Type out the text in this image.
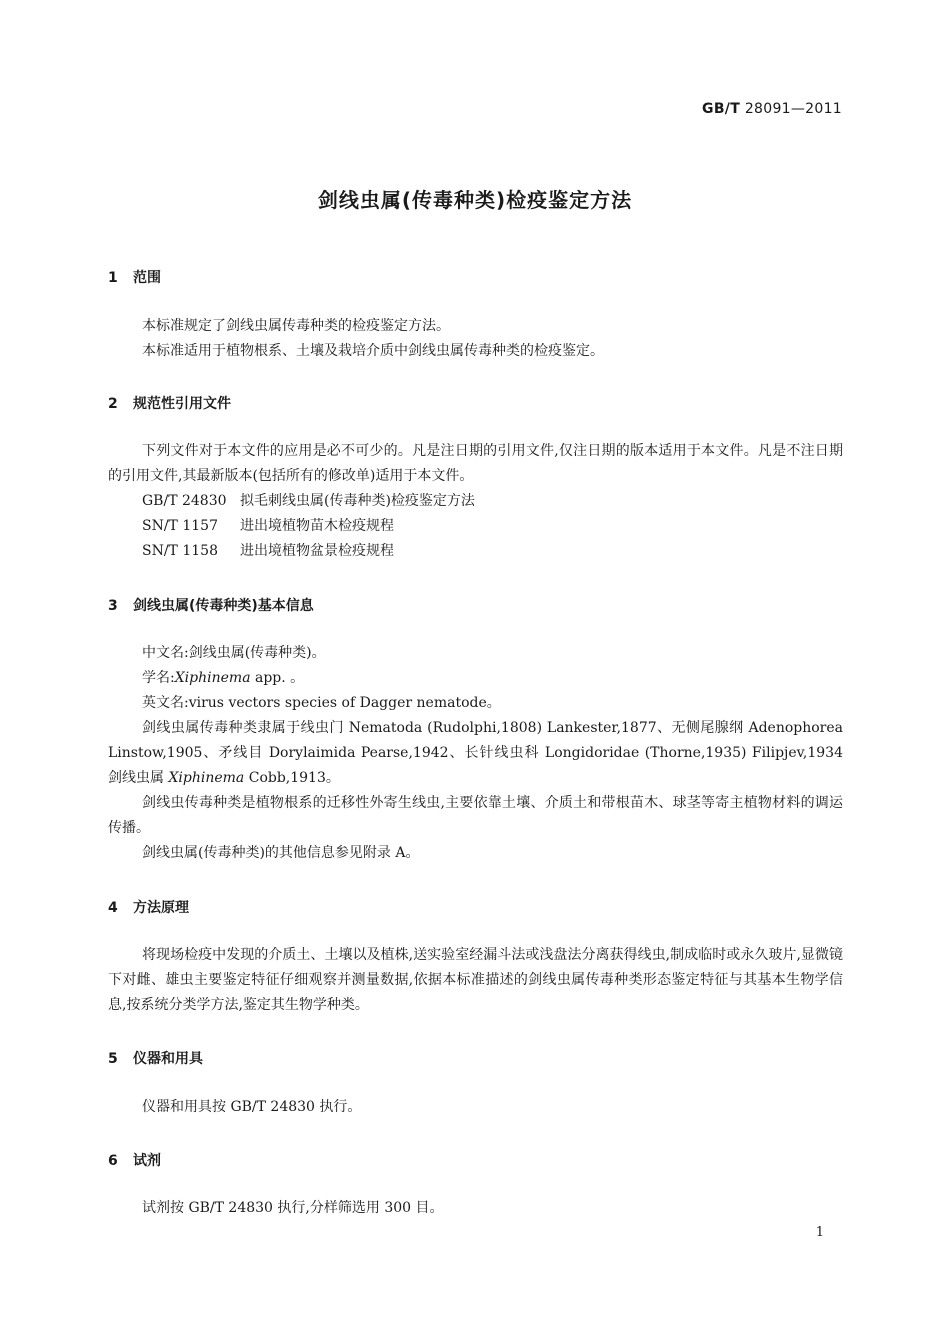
GB/T 28091—2011
剑线虫属(传毒种类)检疫鉴定方法
1 范围
本标准规定了剑线虫属传毒种类的检疫鉴定方法。
本标准适用于植物根系、土壤及栽培介质中剑线虫属传毒种类的检疫鉴定。
2 规范性引用文件
下列文件对于本文件的应用是必不可少的。凡是注日期的引用文件,仅注日期的版本适用于本文件。凡是不注日期的引用文件,其最新版本(包括所有的修改单)适用于本文件。
GB/T 24830 拟毛刺线虫属(传毒种类)检疫鉴定方法
SN/T 1157 进出境植物苗木检疫规程
SN/T 1158 进出境植物盆景检疫规程
3 剑线虫属(传毒种类)基本信息
中文名:剑线虫属(传毒种类)。
学名:Xiphinema app. 。
英文名:virus vectors species of Dagger nematode。
剑线虫属传毒种类隶属于线虫门 Nematoda (Rudolphi,1808) Lankester,1877、无侧尾腺纲 Adenophorea Linstow,1905、矛线目 Dorylaimida Pearse,1942、长针线虫科 Longidoridae (Thorne,1935) Filipjev,1934 剑线虫属 Xiphinema Cobb,1913。
剑线虫传毒种类是植物根系的迁移性外寄生线虫,主要依靠土壤、介质土和带根苗木、球茎等寄主植物材料的调运传播。
剑线虫属(传毒种类)的其他信息参见附录 A。
4 方法原理
将现场检疫中发现的介质土、土壤以及植株,送实验室经漏斗法或浅盘法分离获得线虫,制成临时或永久玻片,显微镜下对雌、雄虫主要鉴定特征仔细观察并测量数据,依据本标准描述的剑线虫属传毒种类形态鉴定特征与其基本生物学信息,按系统分类学方法,鉴定其生物学种类。
5 仪器和用具
仪器和用具按 GB/T 24830 执行。
6 试剂
试剂按 GB/T 24830 执行,分样筛选用 300 目。
1
